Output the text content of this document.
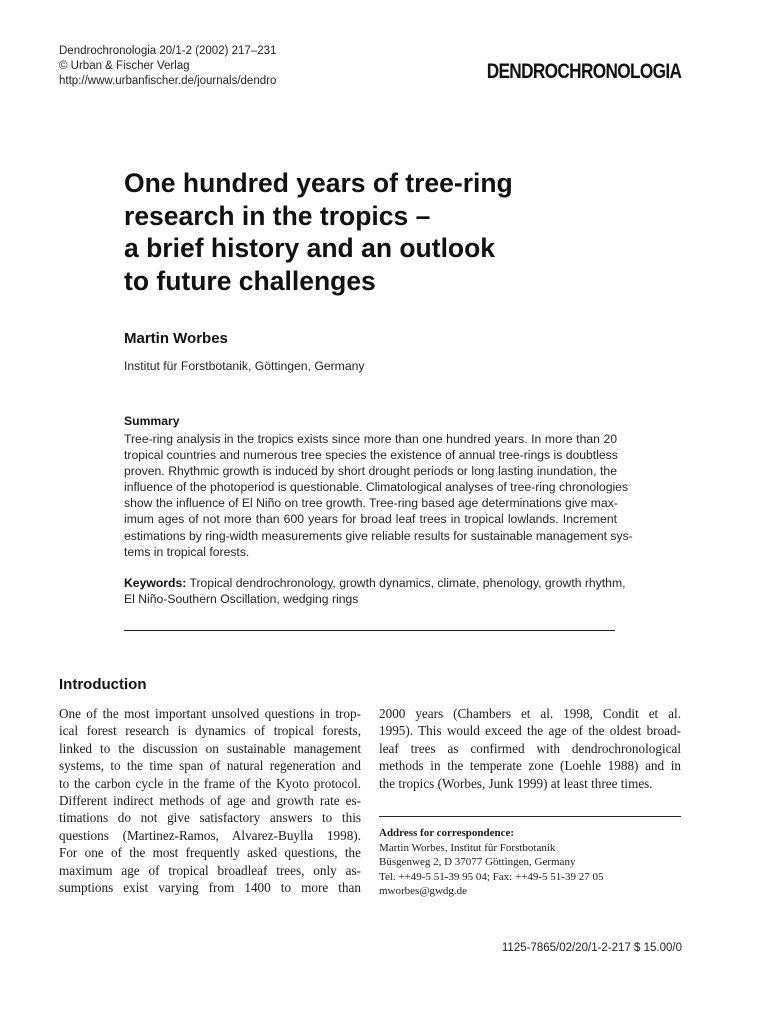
Dendrochronologia 20/1-2 (2002) 217–231
© Urban & Fischer Verlag
http://www.urbanfischer.de/journals/dendro	DENDROCHRONOLOGIA
One hundred years of tree-ring
research in the tropics –
a brief history and an outlook
to future challenges
Martin Worbes
Institut für Forstbotanik, Göttingen, Germany
Summary
Tree-ring analysis in the tropics exists since more than one hundred years. In more than 20
tropical countries and numerous tree species the existence of annual tree-rings is doubtless
proven. Rhythmic growth is induced by short drought periods or long lasting inundation, the
influence of the photoperiod is questionable. Climatological analyses of tree-ring chronologies
show the influence of El Niño on tree growth. Tree-ring based age determinations give max-
imum ages of not more than 600 years for broad leaf trees in tropical lowlands. Increment
estimations by ring-width measurements give reliable results for sustainable management sys-
tems in tropical forests.
Keywords: Tropical dendrochronology, growth dynamics, climate, phenology, growth rhythm,
El Niño-Southern Oscillation, wedging rings
Introduction
One of the most important unsolved questions in trop-
ical forest research is dynamics of tropical forests,
linked to the discussion on sustainable management
systems, to the time span of natural regeneration and
to the carbon cycle in the frame of the Kyoto protocol.
Different indirect methods of age and growth rate es-
timations do not give satisfactory answers to this
questions (Martinez-Ramos, Alvarez-Buylla 1998).
For one of the most frequently asked questions, the
maximum age of tropical broadleaf trees, only as-
sumptions exist varying from 1400 to more than
2000 years (Chambers et al. 1998, Condit et al.
1995). This would exceed the age of the oldest broad-
leaf trees as confirmed with dendrochronological
methods in the temperate zone (Loehle 1988) and in
the tropics (Worbes, Junk 1999) at least three times.
Address for correspondence:
Martin Worbes, Institut für Forstbotanik
Büsgenweg 2, D 37077 Göttingen, Germany
Tel. ++49-5 51-39 95 04; Fax: ++49-5 51-39 27 05
mworbes@gwdg.de
1125-7865/02/20/1-2-217 $ 15.00/0
